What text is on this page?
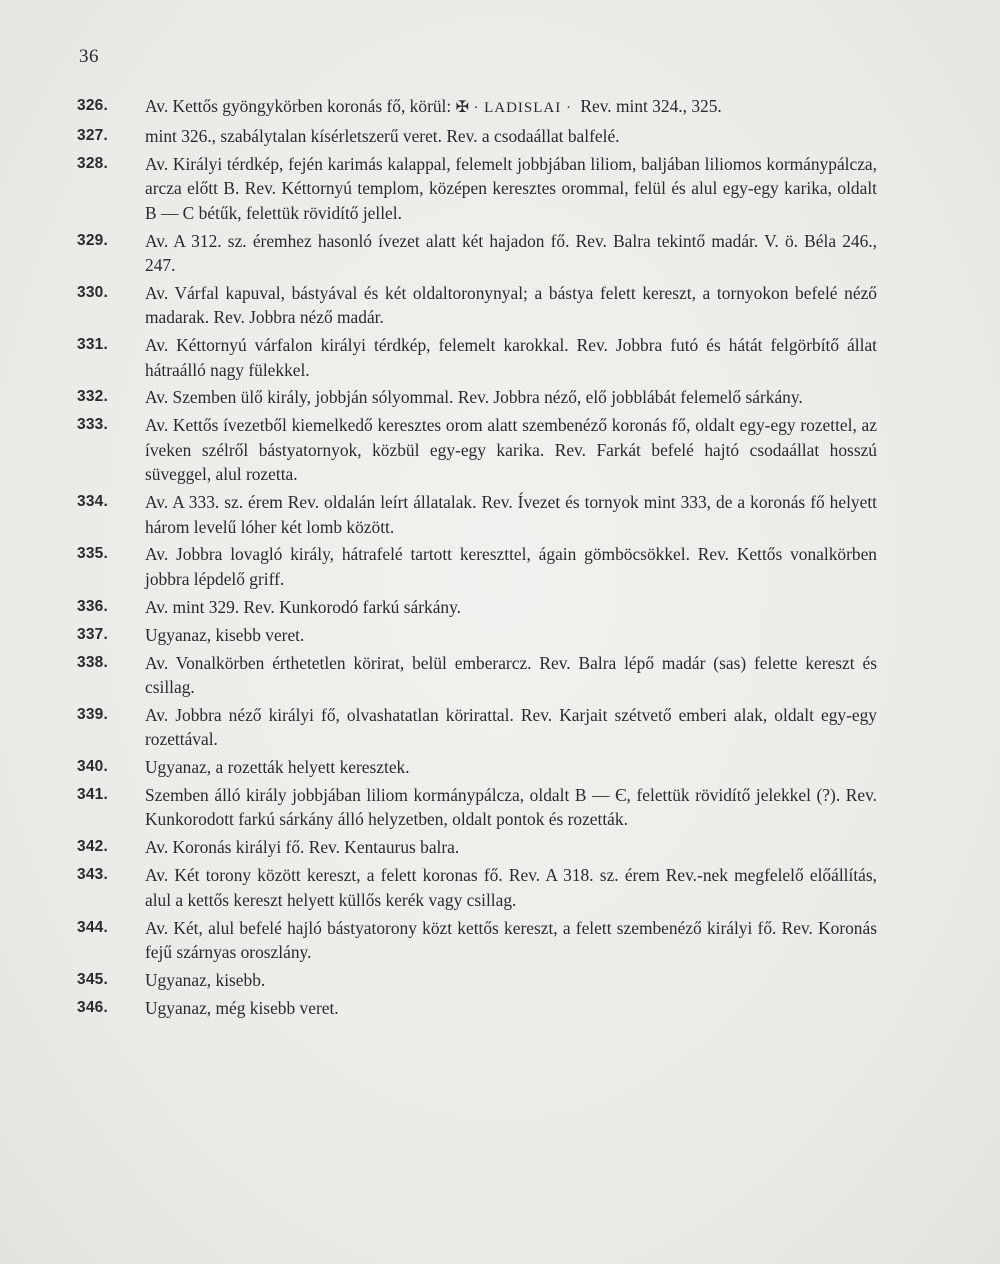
36
326. Av. Kettős gyöngykörben koronás fő, körül: ✠ · LADISLAI · Rev. mint 324., 325.
327. mint 326., szabálytalan kísérletszerű veret. Rev. a csodaállat balfelé.
328. Av. Királyi térdkép, fején karimás kalappal, felemelt jobbjában liliom, baljában liliomos kormánypálcza, arcza előtt B. Rev. Kéttornyú templom, középen keresztes orommal, felül és alul egy-egy karika, oldalt B — C bétűk, felettük rövidítő jellel.
329. Av. A 312. sz. éremhez hasonló ívezet alatt két hajadon fő. Rev. Balra tekintő madár. V. ö. Béla 246., 247.
330. Av. Várfal kapuval, bástyával és két oldaltoronynyal; a bástya felett kereszt, a tornyokon befelé néző madarak. Rev. Jobbra néző madár.
331. Av. Kéttornyú várfalon királyi térdkép, felemelt karokkal. Rev. Jobbra futó és hátát felgörbítő állat hátraálló nagy fülekkel.
332. Av. Szemben ülő király, jobbján sólyommal. Rev. Jobbra néző, elő jobblábát felemelő sárkány.
333. Av. Kettős ívezetből kiemelkedő keresztes orom alatt szembenéző koronás fő, oldalt egy-egy rozettel, az íveken szélről bástyatornyok, közbül egy-egy karika. Rev. Farkát befelé hajtó csodaállat hosszú süveggel, alul rozetta.
334. Av. A 333. sz. érem Rev. oldalán leírt állatalak. Rev. Ívezet és tornyok mint 333, de a koronás fő helyett három levelű lóher két lomb között.
335. Av. Jobbra lovagló király, hátrafelé tartott kereszttel, ágain gömböcsökkel. Rev. Kettős vonalkörben jobbra lépdelő griff.
336. Av. mint 329. Rev. Kunkorodó farkú sárkány.
337. Ugyanaz, kisebb veret.
338. Av. Vonalkörben érthetetlen körirat, belül emberarcz. Rev. Balra lépő madár (sas) felette kereszt és csillag.
339. Av. Jobbra néző királyi fő, olvashatatlan körirattal. Rev. Karjait szétvető emberi alak, oldalt egy-egy rozettával.
340. Ugyanaz, a rozetták helyett keresztek.
341. Szemben álló király jobbjában liliom kormánypálcza, oldalt B — Є, felettük rövidítő jelekkel (?). Rev. Kunkorodott farkú sárkány álló helyzetben, oldalt pontok és rozetták.
342. Av. Koronás királyi fő. Rev. Kentaurus balra.
343. Av. Két torony között kereszt, a felett koronas fő. Rev. A 318. sz. érem Rev.-nek megfelelő előállítás, alul a kettős kereszt helyett küllős kerék vagy csillag.
344. Av. Két, alul befelé hajló bástyatorony közt kettős kereszt, a felett szembenéző királyi fő. Rev. Koronás fejű szárnyas oroszlány.
345. Ugyanaz, kisebb.
346. Ugyanaz, még kisebb veret.
